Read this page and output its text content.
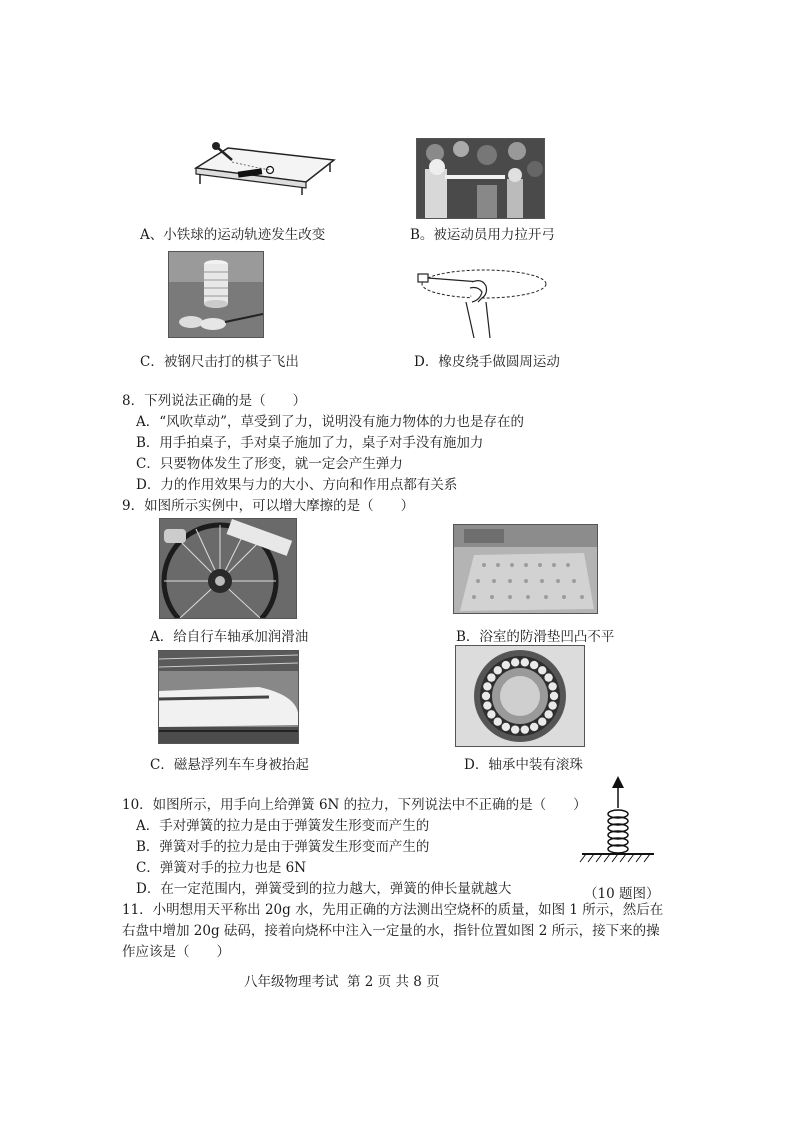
A、小铁球的运动轨迹发生改变	B。被运动员用力拉开弓
C．被钢尺击打的棋子飞出	D．橡皮绕手做圆周运动
8．下列说法正确的是（　　）
A．“风吹草动”，草受到了力，说明没有施力物体的力也是存在的
B．用手拍桌子，手对桌子施加了力，桌子对手没有施加力
C．只要物体发生了形变，就一定会产生弹力
D．力的作用效果与力的大小、方向和作用点都有关系
9．如图所示实例中，可以增大摩擦的是（　　）
A．给自行车轴承加润滑油	B．浴室的防滑垫凹凸不平
C．磁悬浮列车车身被抬起	D．轴承中装有滚珠
10．如图所示，用手向上给弹簧 6N 的拉力，下列说法中不正确的是（　　）
A．手对弹簧的拉力是由于弹簧发生形变而产生的
B．弹簧对手的拉力是由于弹簧发生形变而产生的
C．弹簧对手的拉力也是 6N
D．在一定范围内，弹簧受到的拉力越大，弹簧的伸长量就越大	（10 题图）
11．小明想用天平称出 20g 水，先用正确的方法测出空烧杯的质量，如图 1 所示，然后在
右盘中增加 20g 砝码，接着向烧杯中注入一定量的水，指针位置如图 2 所示，接下来的操
作应该是（　　）
八年级物理考试 第 2 页 共 8 页
